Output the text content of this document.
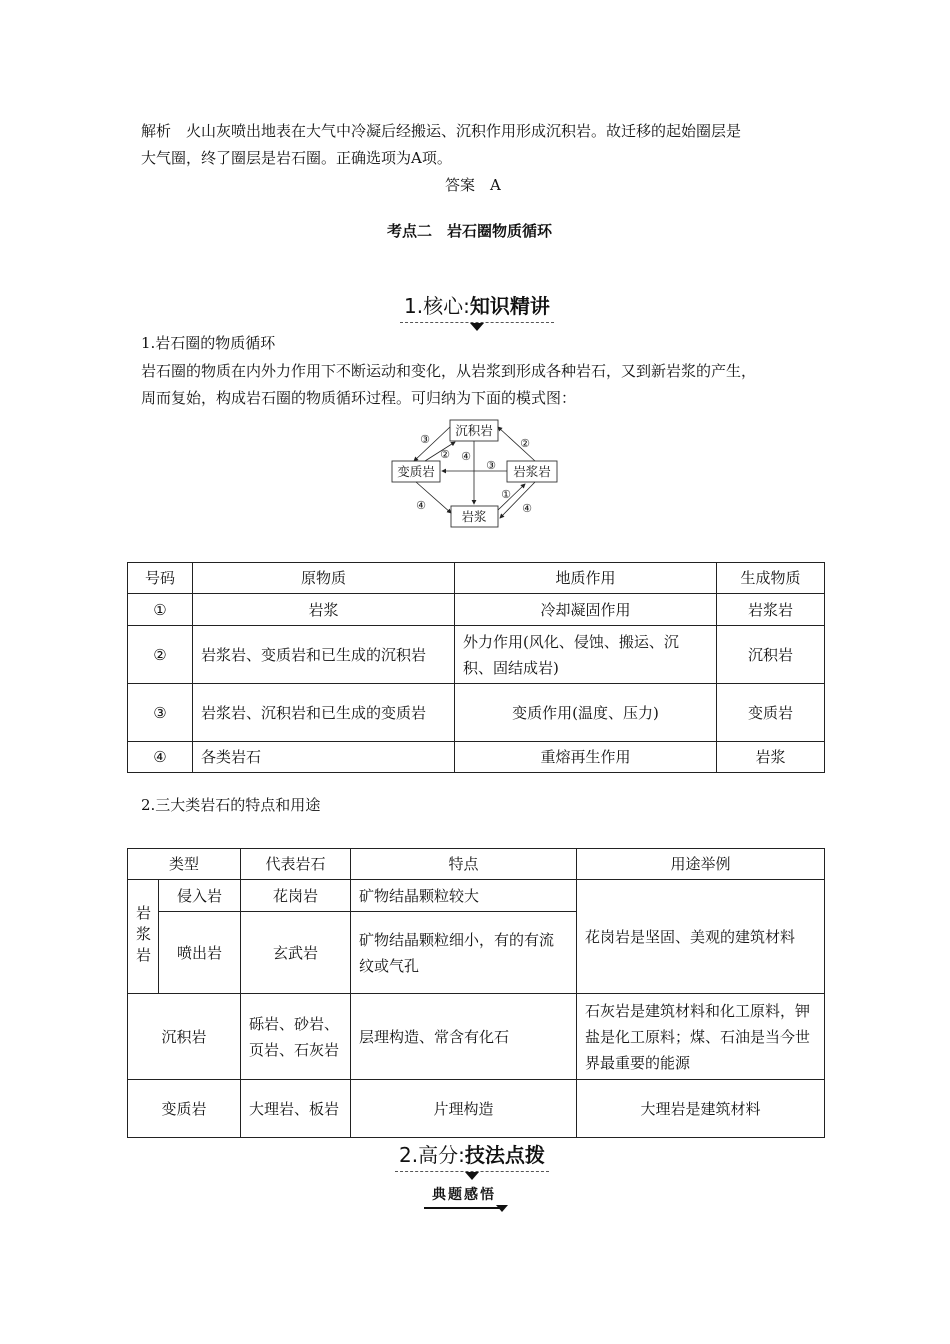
解析　火山灰喷出地表在大气中冷凝后经搬运、沉积作用形成沉积岩。故迁移的起始圈层是
大气圈，终了圈层是岩石圈。正确选项为A项。
答案　A
考点二　岩石圈物质循环
1.核心:知识精讲
1.岩石圈的物质循环
岩石圈的物质在内外力作用下不断运动和变化，从岩浆到形成各种岩石，又到新岩浆的产生，
周而复始，构成岩石圈的物质循环过程。可归纳为下面的模式图：
沉积岩
变质岩	岩浆岩
岩浆
③
②
②
④
③
①
④	④
号码	原物质	地质作用	生成物质
①	岩浆	冷却凝固作用	岩浆岩
②	岩浆岩、变质岩和已生成的沉积岩	外力作用(风化、侵蚀、搬运、沉积、固结成岩)	沉积岩
③	岩浆岩、沉积岩和已生成的变质岩	变质作用(温度、压力)	变质岩
④	各类岩石	重熔再生作用	岩浆
2.三大类岩石的特点和用途
类型		代表岩石	特点	用途举例
岩浆岩	侵入岩	花岗岩	矿物结晶颗粒较大	花岗岩是坚固、美观的建筑材料
	喷出岩	玄武岩	矿物结晶颗粒细小，有的有流纹或气孔	
沉积岩		砾岩、砂岩、页岩、石灰岩	层理构造、常含有化石	石灰岩是建筑材料和化工原料，钾盐是化工原料；煤、石油是当今世界最重要的能源
变质岩		大理岩、板岩	片理构造	大理岩是建筑材料
2.高分:技法点拨
典题感悟
